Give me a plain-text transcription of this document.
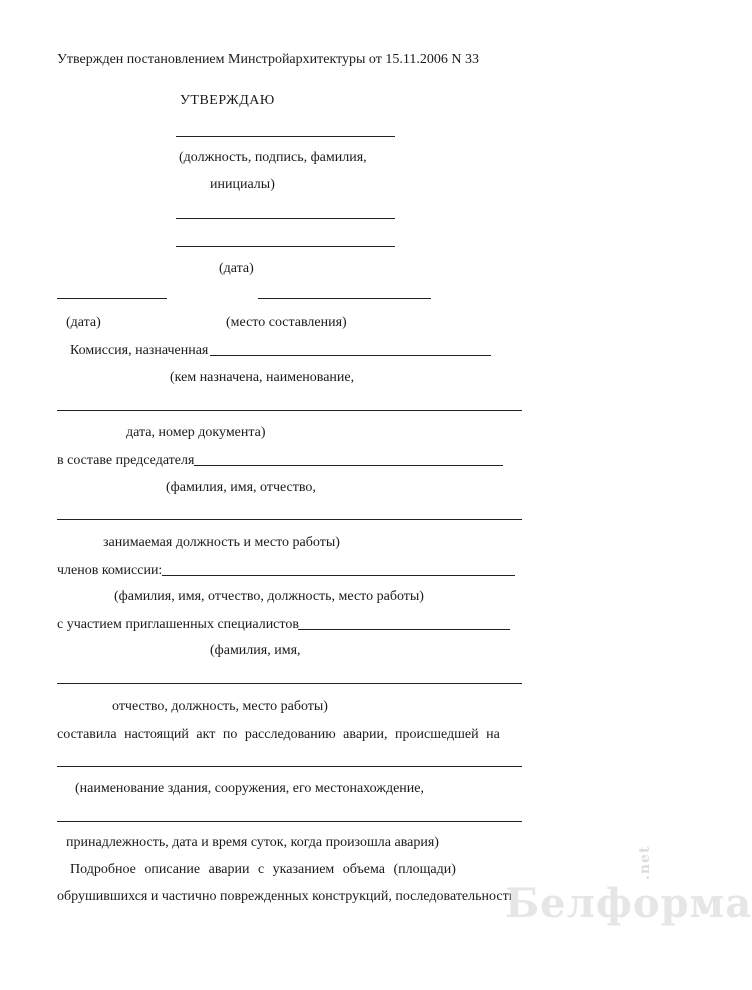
Утвержден постановлением Минстройархитектуры от 15.11.2006 N 33
УТВЕРЖДАЮ
(должность, подпись, фамилия,
инициалы)
(дата)
(дата)	(место составления)
Комиссия, назначенная
(кем назначена, наименование,
дата, номер документа)
в составе председателя
(фамилия, имя, отчество,
занимаемая должность и место работы)
членов комиссии:
(фамилия, имя, отчество, должность, место работы)
с участием приглашенных специалистов
(фамилия, имя,
отчество, должность, место работы)
составила настоящий акт по расследованию аварии, происшедшей на
(наименование здания, сооружения, его местонахождение,
принадлежность, дата и время суток, когда произошла авария)
Подробное описание аварии с указанием объема (площади)
обрушившихся и частично поврежденных конструкций, последовательности
Белформа
.net
